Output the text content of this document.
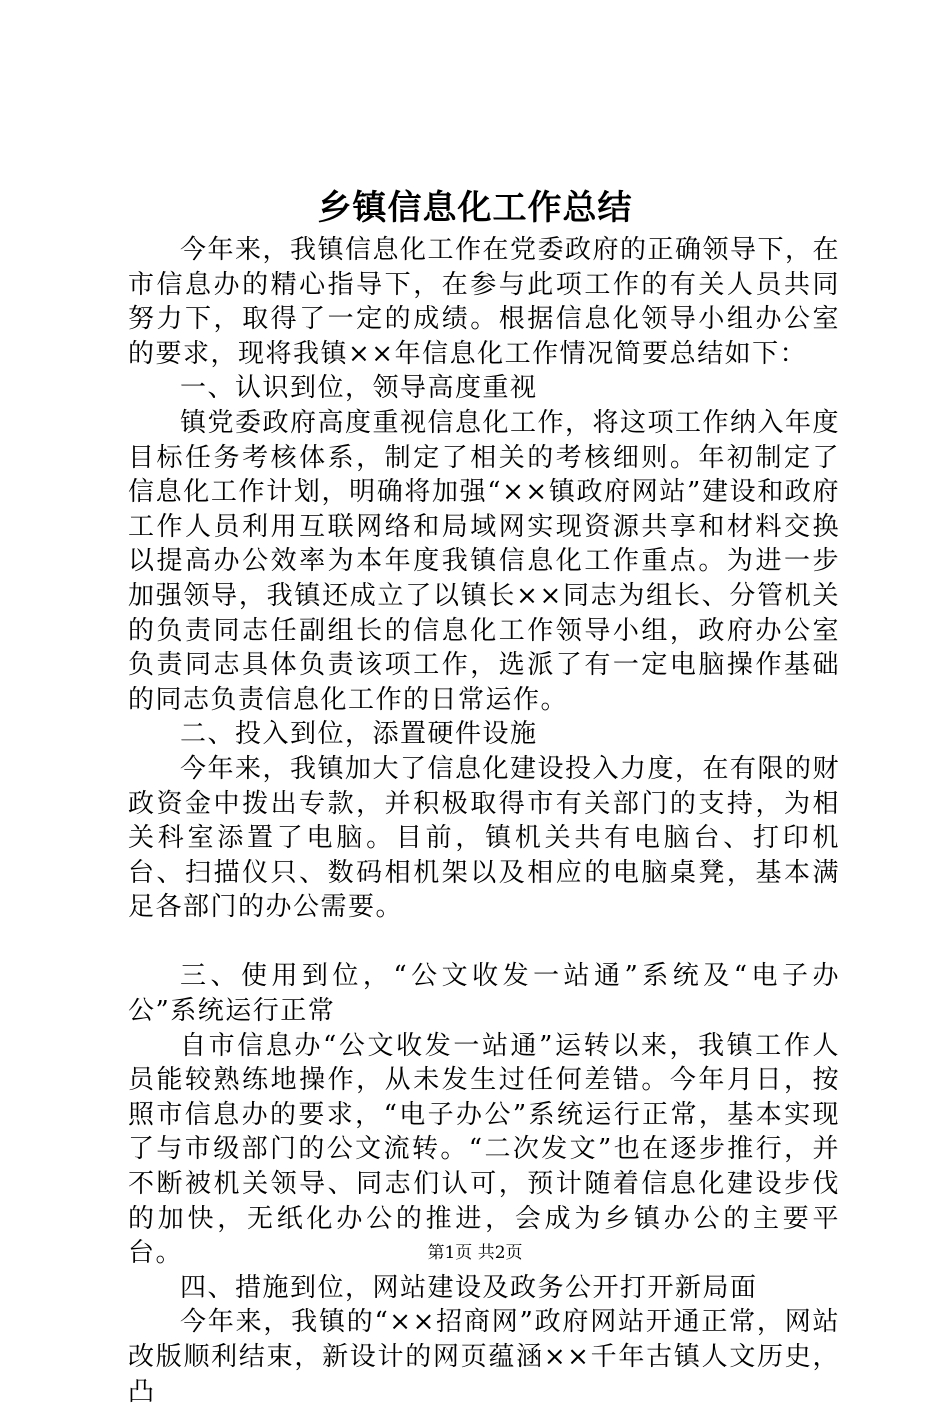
乡镇信息化工作总结

今年来，我镇信息化工作在党委政府的正确领导下，在市信息办的精心指导下，在参与此项工作的有关人员共同努力下，取得了一定的成绩。根据信息化领导小组办公室的要求，现将我镇××年信息化工作情况简要总结如下：

一、认识到位，领导高度重视

镇党委政府高度重视信息化工作，将这项工作纳入年度目标任务考核体系，制定了相关的考核细则。年初制定了信息化工作计划，明确将加强“××镇政府网站”建设和政府工作人员利用互联网络和局域网实现资源共享和材料交换以提高办公效率为本年度我镇信息化工作重点。为进一步加强领导，我镇还成立了以镇长××同志为组长、分管机关的负责同志任副组长的信息化工作领导小组，政府办公室负责同志具体负责该项工作，选派了有一定电脑操作基础的同志负责信息化工作的日常运作。

二、投入到位，添置硬件设施

今年来，我镇加大了信息化建设投入力度，在有限的财政资金中拨出专款，并积极取得市有关部门的支持，为相关科室添置了电脑。目前，镇机关共有电脑台、打印机台、扫描仪只、数码相机架以及相应的电脑桌凳，基本满足各部门的办公需要。

三、使用到位，“公文收发一站通”系统及“电子办公”系统运行正常

自市信息办“公文收发一站通”运转以来，我镇工作人员能较熟练地操作，从未发生过任何差错。今年月日，按照市信息办的要求，“电子办公”系统运行正常，基本实现了与市级部门的公文流转。“二次发文”也在逐步推行，并不断被机关领导、同志们认可，预计随着信息化建设步伐的加快，无纸化办公的推进，会成为乡镇办公的主要平台。

四、措施到位，网站建设及政务公开打开新局面

今年来，我镇的“××招商网”政府网站开通正常，网站改版顺利结束，新设计的网页蕴涵××千年古镇人文历史，凸

第1页 共2页
